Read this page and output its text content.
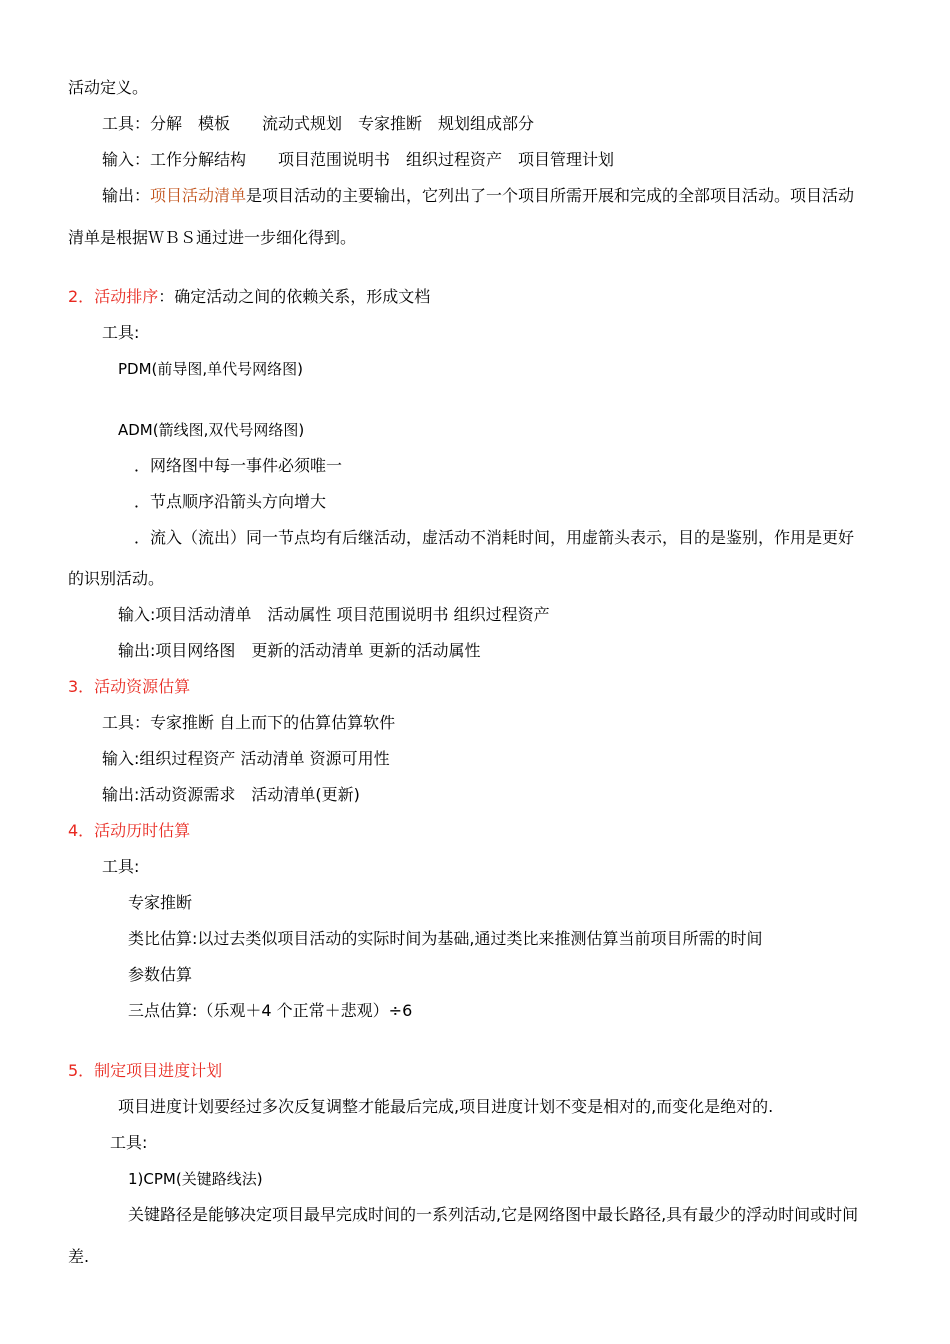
活动定义。
工具：分解　模板　　流动式规划　专家推断　规划组成部分
输入：工作分解结构　　项目范围说明书　组织过程资产　项目管理计划
输出：项目活动清单是项目活动的主要输出，它列出了一个项目所需开展和完成的全部项目活动。项目活动
清单是根据ＷＢＳ通过进一步细化得到。
2．活动排序：确定活动之间的依赖关系，形成文档
工具:
PDM(前导图,单代号网络图)
ADM(箭线图,双代号网络图)
．网络图中每一事件必须唯一
．节点顺序沿箭头方向增大
．流入（流出）同一节点均有后继活动，虚活动不消耗时间，用虚箭头表示，目的是鉴别，作用是更好
的识别活动。
输入:项目活动清单　活动属性 项目范围说明书 组织过程资产
输出:项目网络图　更新的活动清单 更新的活动属性
3．活动资源估算
工具：专家推断 自上而下的估算估算软件
输入:组织过程资产 活动清单 资源可用性
输出:活动资源需求　活动清单(更新)
4．活动历时估算
工具:
专家推断
类比估算:以过去类似项目活动的实际时间为基础,通过类比来推测估算当前项目所需的时间
参数估算
三点估算:（乐观＋4 个正常＋悲观）÷6
5．制定项目进度计划
项目进度计划要经过多次反复调整才能最后完成,项目进度计划不变是相对的,而变化是绝对的.
工具:
1)CPM(关键路线法)
关键路径是能够决定项目最早完成时间的一系列活动,它是网络图中最长路径,具有最少的浮动时间或时间
差.
